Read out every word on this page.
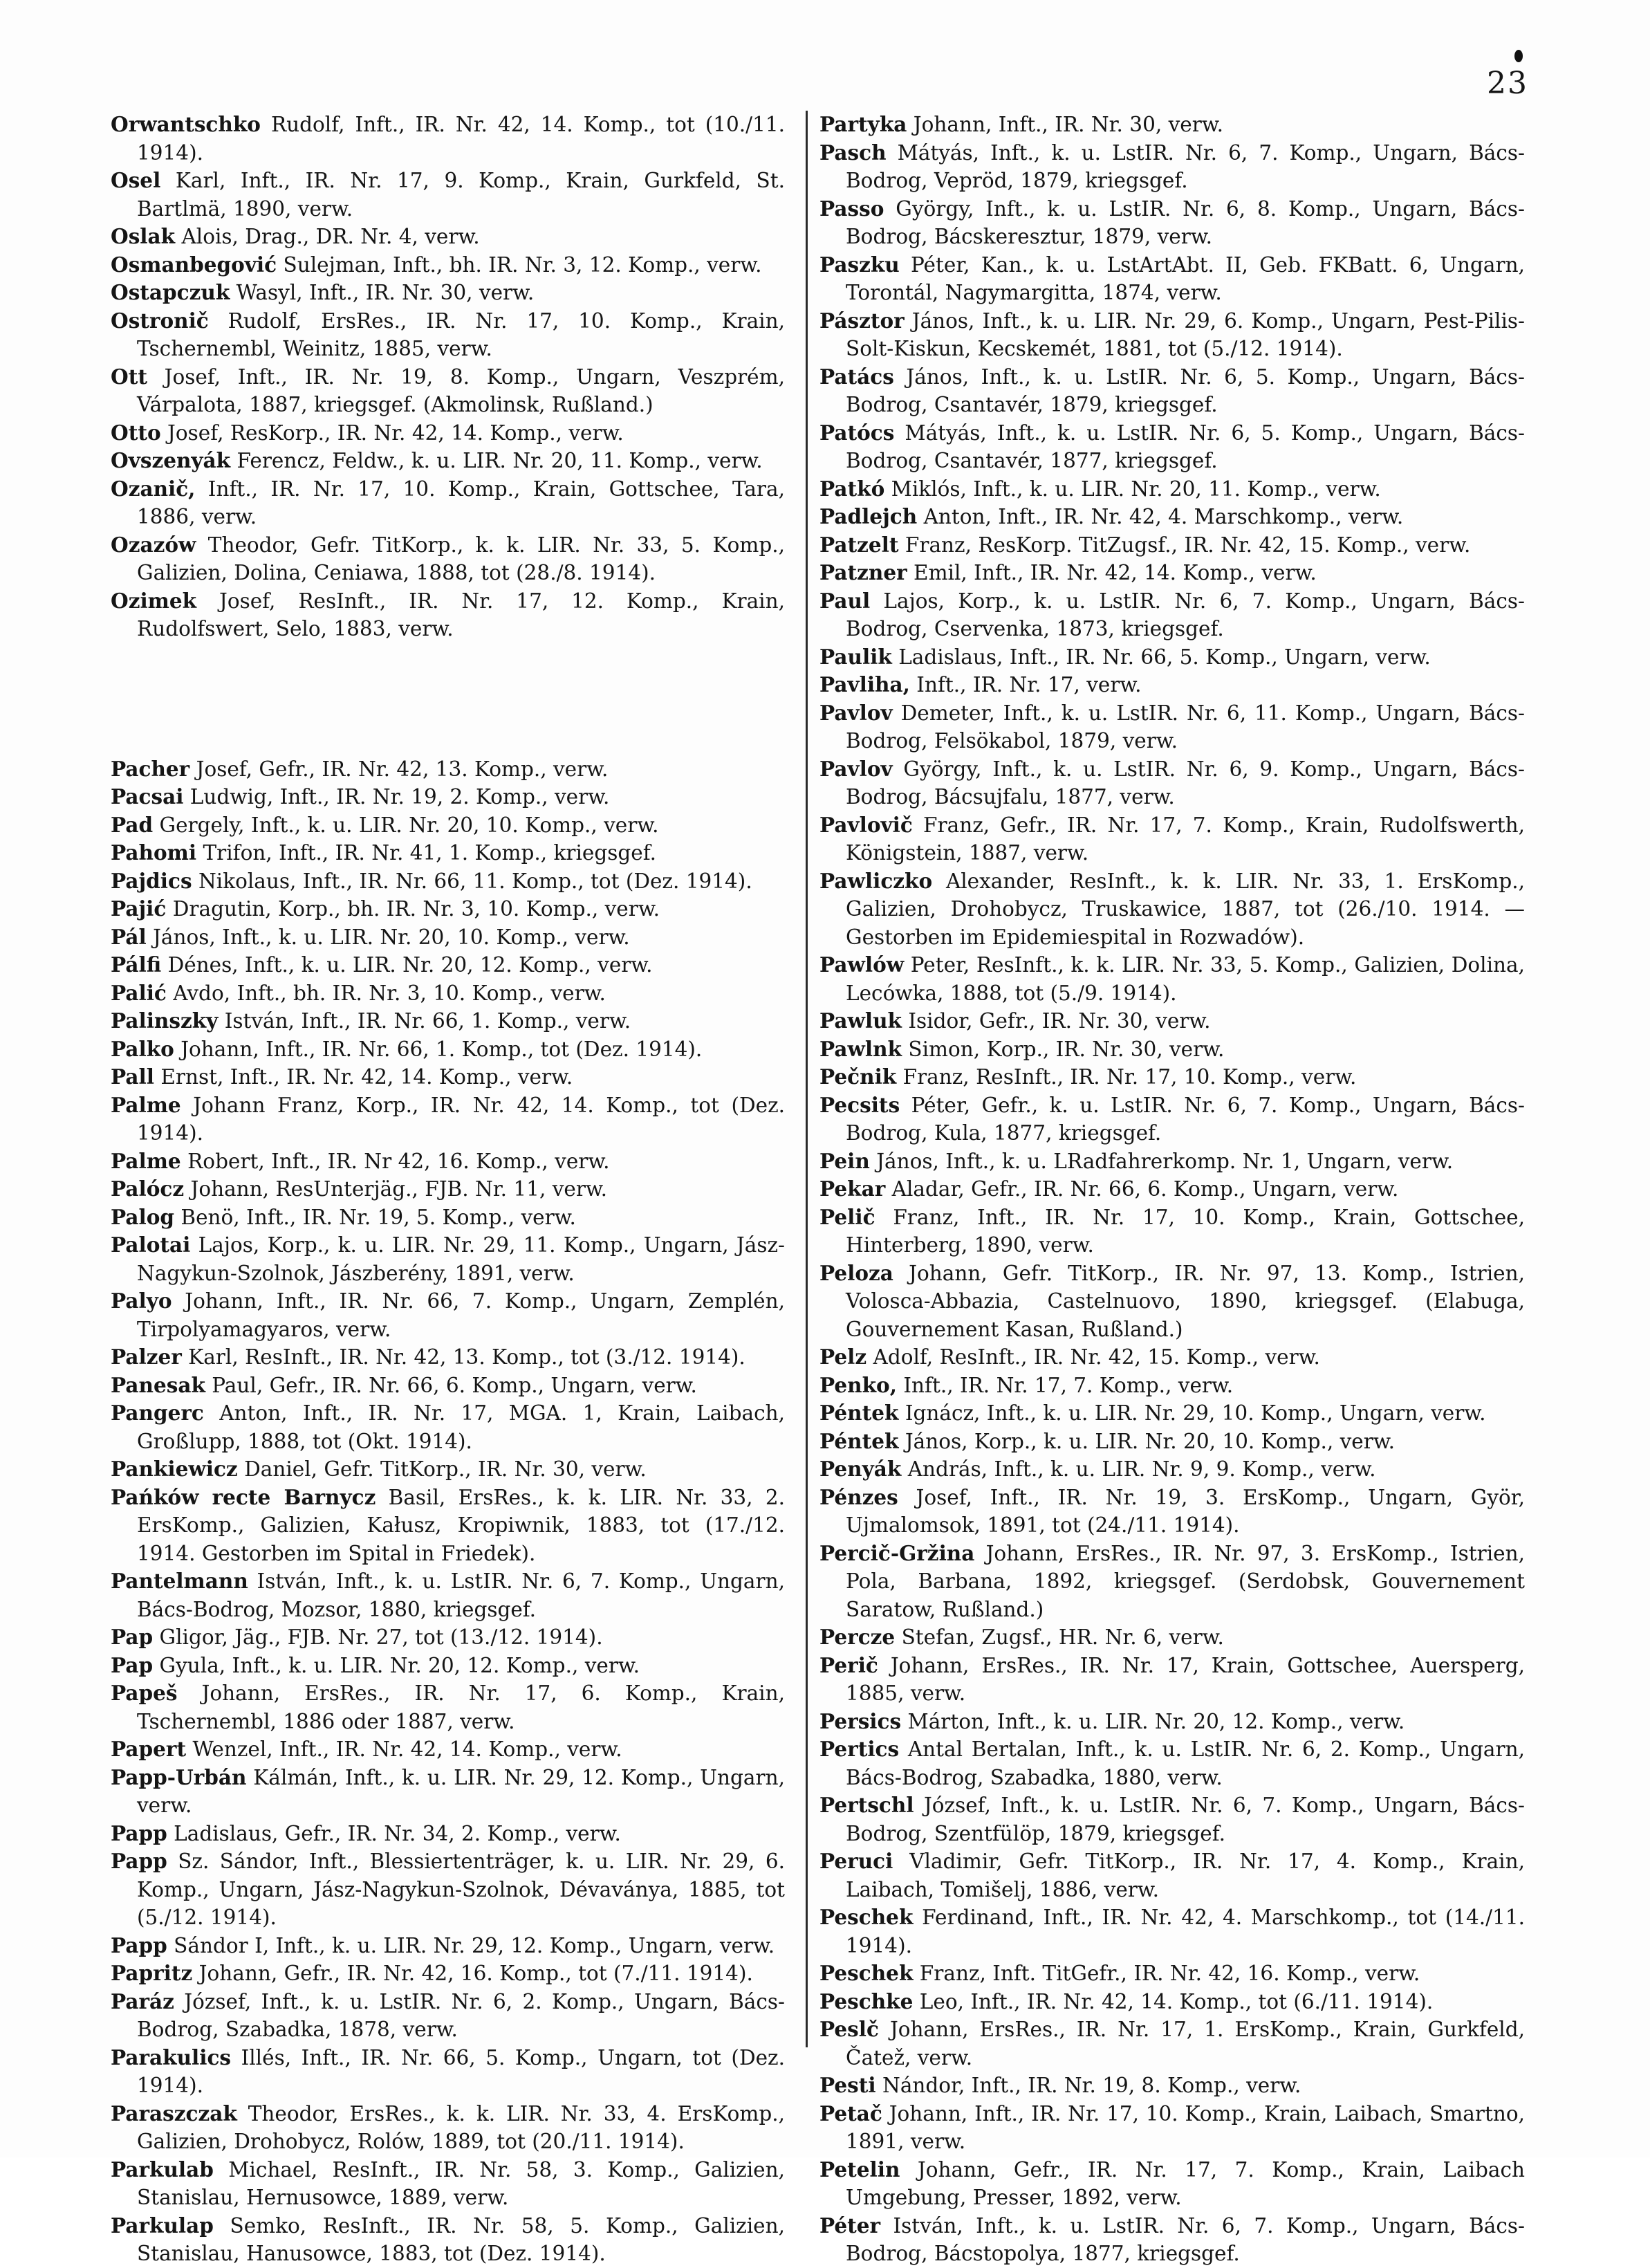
23

Orwantschko Rudolf, Inft., IR. Nr. 42, 14. Komp., tot (10./11. 1914).

Osel Karl, Inft., IR. Nr. 17, 9. Komp., Krain, Gurkfeld, St. Bartlmä, 1890, verw.

Oslak Alois, Drag., DR. Nr. 4, verw.

Osmanbegović Sulejman, Inft., bh. IR. Nr. 3, 12. Komp., verw.

Ostapczuk Wasyl, Inft., IR. Nr. 30, verw.

Ostronič Rudolf, ErsRes., IR. Nr. 17, 10. Komp., Krain, Tschernembl, Weinitz, 1885, verw.

Ott Josef, Inft., IR. Nr. 19, 8. Komp., Ungarn, Veszprém, Várpalota, 1887, kriegsgef. (Akmolinsk, Rußland.)

Otto Josef, ResKorp., IR. Nr. 42, 14. Komp., verw.

Ovszenyák Ferencz, Feldw., k. u. LIR. Nr. 20, 11. Komp., verw.

Ozanič, Inft., IR. Nr. 17, 10. Komp., Krain, Gottschee, Tara, 1886, verw.

Ozazów Theodor, Gefr. TitKorp., k. k. LIR. Nr. 33, 5. Komp., Galizien, Dolina, Ceniawa, 1888, tot (28./8. 1914).

Ozimek Josef, ResInft., IR. Nr. 17, 12. Komp., Krain, Rudolfswert, Selo, 1883, verw.

Pacher Josef, Gefr., IR. Nr. 42, 13. Komp., verw.

Pacsai Ludwig, Inft., IR. Nr. 19, 2. Komp., verw.

Pad Gergely, Inft., k. u. LIR. Nr. 20, 10. Komp., verw.

Pahomi Trifon, Inft., IR. Nr. 41, 1. Komp., kriegsgef.

Pajdics Nikolaus, Inft., IR. Nr. 66, 11. Komp., tot (Dez. 1914).

Pajić Dragutin, Korp., bh. IR. Nr. 3, 10. Komp., verw.

Pál János, Inft., k. u. LIR. Nr. 20, 10. Komp., verw.

Pálfi Dénes, Inft., k. u. LIR. Nr. 20, 12. Komp., verw.

Palić Avdo, Inft., bh. IR. Nr. 3, 10. Komp., verw.

Palinszky István, Inft., IR. Nr. 66, 1. Komp., verw.

Palko Johann, Inft., IR. Nr. 66, 1. Komp., tot (Dez. 1914).

Pall Ernst, Inft., IR. Nr. 42, 14. Komp., verw.

Palme Johann Franz, Korp., IR. Nr. 42, 14. Komp., tot (Dez. 1914).

Palme Robert, Inft., IR. Nr 42, 16. Komp., verw.

Palócz Johann, ResUnterjäg., FJB. Nr. 11, verw.

Palog Benö, Inft., IR. Nr. 19, 5. Komp., verw.

Palotai Lajos, Korp., k. u. LIR. Nr. 29, 11. Komp., Ungarn, Jász-Nagykun-Szolnok, Jászberény, 1891, verw.

Palyo Johann, Inft., IR. Nr. 66, 7. Komp., Ungarn, Zemplén, Tirpolyamagyaros, verw.

Palzer Karl, ResInft., IR. Nr. 42, 13. Komp., tot (3./12. 1914).

Panesak Paul, Gefr., IR. Nr. 66, 6. Komp., Ungarn, verw.

Pangerc Anton, Inft., IR. Nr. 17, MGA. 1, Krain, Laibach, Großlupp, 1888, tot (Okt. 1914).

Pankiewicz Daniel, Gefr. TitKorp., IR. Nr. 30, verw.

Pańków recte Barnycz Basil, ErsRes., k. k. LIR. Nr. 33, 2. ErsKomp., Galizien, Kałusz, Kropiwnik, 1883, tot (17./12. 1914. Gestorben im Spital in Friedek).

Pantelmann István, Inft., k. u. LstIR. Nr. 6, 7. Komp., Ungarn, Bács-Bodrog, Mozsor, 1880, kriegsgef.

Pap Gligor, Jäg., FJB. Nr. 27, tot (13./12. 1914).

Pap Gyula, Inft., k. u. LIR. Nr. 20, 12. Komp., verw.

Papeš Johann, ErsRes., IR. Nr. 17, 6. Komp., Krain, Tschernembl, 1886 oder 1887, verw.

Papert Wenzel, Inft., IR. Nr. 42, 14. Komp., verw.

Papp-Urbán Kálmán, Inft., k. u. LIR. Nr. 29, 12. Komp., Ungarn, verw.

Papp Ladislaus, Gefr., IR. Nr. 34, 2. Komp., verw.

Papp Sz. Sándor, Inft., Blessiertenträger, k. u. LIR. Nr. 29, 6. Komp., Ungarn, Jász-Nagykun-Szolnok, Dévaványa, 1885, tot (5./12. 1914).

Papp Sándor I, Inft., k. u. LIR. Nr. 29, 12. Komp., Ungarn, verw.

Papritz Johann, Gefr., IR. Nr. 42, 16. Komp., tot (7./11. 1914).

Paráz József, Inft., k. u. LstIR. Nr. 6, 2. Komp., Ungarn, Bács-Bodrog, Szabadka, 1878, verw.

Parakulics Illés, Inft., IR. Nr. 66, 5. Komp., Ungarn, tot (Dez. 1914).

Paraszczak Theodor, ErsRes., k. k. LIR. Nr. 33, 4. ErsKomp., Galizien, Drohobycz, Rolów, 1889, tot (20./11. 1914).

Parkulab Michael, ResInft., IR. Nr. 58, 3. Komp., Galizien, Stanislau, Hernusowce, 1889, verw.

Parkulap Semko, ResInft., IR. Nr. 58, 5. Komp., Galizien, Stanislau, Hanusowce, 1883, tot (Dez. 1914).

Partyka Johann, Inft., IR. Nr. 30, verw.

Pasch Mátyás, Inft., k. u. LstIR. Nr. 6, 7. Komp., Ungarn, Bács-Bodrog, Vepröd, 1879, kriegsgef.

Passo György, Inft., k. u. LstIR. Nr. 6, 8. Komp., Ungarn, Bács-Bodrog, Bácskeresztur, 1879, verw.

Paszku Péter, Kan., k. u. LstArtAbt. II, Geb. FKBatt. 6, Ungarn, Torontál, Nagymargitta, 1874, verw.

Pásztor János, Inft., k. u. LIR. Nr. 29, 6. Komp., Ungarn, Pest-Pilis-Solt-Kiskun, Kecskemét, 1881, tot (5./12. 1914).

Patács János, Inft., k. u. LstIR. Nr. 6, 5. Komp., Ungarn, Bács-Bodrog, Csantavér, 1879, kriegsgef.

Patócs Mátyás, Inft., k. u. LstIR. Nr. 6, 5. Komp., Ungarn, Bács-Bodrog, Csantavér, 1877, kriegsgef.

Patkó Miklós, Inft., k. u. LIR. Nr. 20, 11. Komp., verw.

Padlejch Anton, Inft., IR. Nr. 42, 4. Marschkomp., verw.

Patzelt Franz, ResKorp. TitZugsf., IR. Nr. 42, 15. Komp., verw.

Patzner Emil, Inft., IR. Nr. 42, 14. Komp., verw.

Paul Lajos, Korp., k. u. LstIR. Nr. 6, 7. Komp., Ungarn, Bács-Bodrog, Cservenka, 1873, kriegsgef.

Paulik Ladislaus, Inft., IR. Nr. 66, 5. Komp., Ungarn, verw.

Pavliha, Inft., IR. Nr. 17, verw.

Pavlov Demeter, Inft., k. u. LstIR. Nr. 6, 11. Komp., Ungarn, Bács-Bodrog, Felsökabol, 1879, verw.

Pavlov György, Inft., k. u. LstIR. Nr. 6, 9. Komp., Ungarn, Bács-Bodrog, Bácsujfalu, 1877, verw.

Pavlovič Franz, Gefr., IR. Nr. 17, 7. Komp., Krain, Rudolfswerth, Königstein, 1887, verw.

Pawliczko Alexander, ResInft., k. k. LIR. Nr. 33, 1. ErsKomp., Galizien, Drohobycz, Truskawice, 1887, tot (26./10. 1914. — Gestorben im Epidemiespital in Rozwadów).

Pawlów Peter, ResInft., k. k. LIR. Nr. 33, 5. Komp., Galizien, Dolina, Lecówka, 1888, tot (5./9. 1914).

Pawluk Isidor, Gefr., IR. Nr. 30, verw.

Pawlnk Simon, Korp., IR. Nr. 30, verw.

Pečnik Franz, ResInft., IR. Nr. 17, 10. Komp., verw.

Pecsits Péter, Gefr., k. u. LstIR. Nr. 6, 7. Komp., Ungarn, Bács-Bodrog, Kula, 1877, kriegsgef.

Pein János, Inft., k. u. LRadfahrerkomp. Nr. 1, Ungarn, verw.

Pekar Aladar, Gefr., IR. Nr. 66, 6. Komp., Ungarn, verw.

Pelič Franz, Inft., IR. Nr. 17, 10. Komp., Krain, Gottschee, Hinterberg, 1890, verw.

Peloza Johann, Gefr. TitKorp., IR. Nr. 97, 13. Komp., Istrien, Volosca-Abbazia, Castelnuovo, 1890, kriegsgef. (Elabuga, Gouvernement Kasan, Rußland.)

Pelz Adolf, ResInft., IR. Nr. 42, 15. Komp., verw.

Penko, Inft., IR. Nr. 17, 7. Komp., verw.

Péntek Ignácz, Inft., k. u. LIR. Nr. 29, 10. Komp., Ungarn, verw.

Péntek János, Korp., k. u. LIR. Nr. 20, 10. Komp., verw.

Penyák András, Inft., k. u. LIR. Nr. 9, 9. Komp., verw.

Pénzes Josef, Inft., IR. Nr. 19, 3. ErsKomp., Ungarn, Györ, Ujmalomsok, 1891, tot (24./11. 1914).

Percič-Gržina Johann, ErsRes., IR. Nr. 97, 3. ErsKomp., Istrien, Pola, Barbana, 1892, kriegsgef. (Serdobsk, Gouvernement Saratow, Rußland.)

Percze Stefan, Zugsf., HR. Nr. 6, verw.

Perič Johann, ErsRes., IR. Nr. 17, Krain, Gottschee, Auersperg, 1885, verw.

Persics Márton, Inft., k. u. LIR. Nr. 20, 12. Komp., verw.

Pertics Antal Bertalan, Inft., k. u. LstIR. Nr. 6, 2. Komp., Ungarn, Bács-Bodrog, Szabadka, 1880, verw.

Pertschl József, Inft., k. u. LstIR. Nr. 6, 7. Komp., Ungarn, Bács-Bodrog, Szentfülöp, 1879, kriegsgef.

Peruci Vladimir, Gefr. TitKorp., IR. Nr. 17, 4. Komp., Krain, Laibach, Tomišelj, 1886, verw.

Peschek Ferdinand, Inft., IR. Nr. 42, 4. Marschkomp., tot (14./11. 1914).

Peschek Franz, Inft. TitGefr., IR. Nr. 42, 16. Komp., verw.

Peschke Leo, Inft., IR. Nr. 42, 14. Komp., tot (6./11. 1914).

Peslč Johann, ErsRes., IR. Nr. 17, 1. ErsKomp., Krain, Gurkfeld, Čatež, verw.

Pesti Nándor, Inft., IR. Nr. 19, 8. Komp., verw.

Petač Johann, Inft., IR. Nr. 17, 10. Komp., Krain, Laibach, Smartno, 1891, verw.

Petelin Johann, Gefr., IR. Nr. 17, 7. Komp., Krain, Laibach Umgebung, Presser, 1892, verw.

Péter István, Inft., k. u. LstIR. Nr. 6, 7. Komp., Ungarn, Bács-Bodrog, Bácstopolya, 1877, kriegsgef.
